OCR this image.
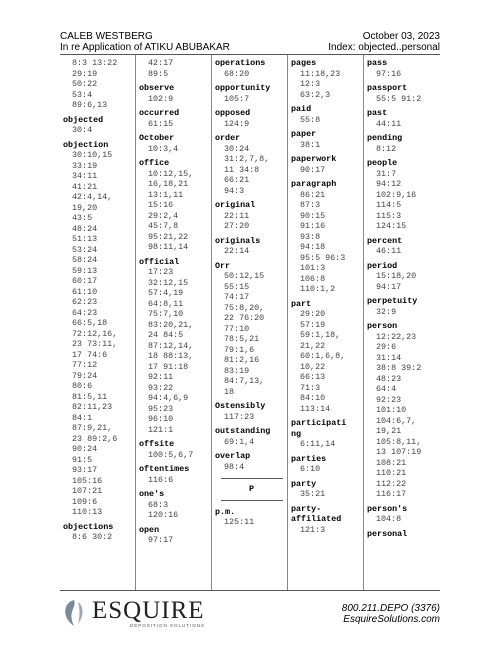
CALEB WESTBERG	October 03, 2023
In re Application of ATIKU ABUBAKAR	Index: objected..personal
8:3 13:22
29:19
50:22
53:4
89:6,13
objected
30:4
objection
30:10,15
33:19
34:11
41:21
42:4,14,
19,20
43:5
48:24
51:13
53:24
58:24
59:13
60:17
61:10
62:23
64:23
66:5,18
72:12,16,
23 73:11,
17 74:6
77:12
79:24
80:6
81:5,11
82:11,23
84:1
87:9,21,
23 89:2,6
90:24
91:5
93:17
105:16
107:21
109:6
110:13
objections
8:6 30:2
42:17
89:5
observe
102:9
occurred
61:15
October
10:3,4
office
10:12,15,
16,18,21
13:1,11
15:16
29:2,4
45:7,8
95:21,22
98:11,14
official
17:23
32:12,15
57:4,19
64:8,11
75:7,10
83:20,21,
24 84:5
87:12,14,
18 88:13,
17 91:18
92:11
93:22
94:4,6,9
95:23
96:10
121:1
offsite
100:5,6,7
oftentimes
116:6
one's
68:3
120:16
open
97:17
operations
68:20
opportunity
105:7
opposed
124:9
order
30:24
31:2,7,8,
11 34:8
66:21
94:3
original
22:11
27:20
originals
22:14
Orr
50:12,15
55:15
74:17
75:8,20,
22 76:20
77:10
78:5,21
79:1,6
81:2,16
83:19
84:7,13,
18
Ostensibly
117:23
outstanding
69:1,4
overlap
98:4
P
p.m.
125:11
pages
11:18,23
12:3
63:2,3
paid
55:8
paper
38:1
paperwork
90:17
paragraph
86:21
87:3
90:15
91:16
93:8
94:18
95:5 96:3
101:3
106:8
110:1,2
part
29:20
57:19
59:1,18,
21,22
60:1,6,8,
10,22
66:13
71:3
84:10
113:14
participati
ng
6:11,14
parties
6:10
party
35:21
party-
affiliated
121:3
pass
97:16
passport
55:5 91:2
past
44:11
pending
8:12
people
31:7
94:12
102:9,16
114:5
115:3
124:15
percent
46:11
period
15:18,20
94:17
perpetuity
32:9
person
12:22,23
29:6
31:14
38:8 39:2
48:23
64:4
92:23
101:10
104:6,7,
19,21
105:8,11,
13 107:19
108:21
110:21
112:22
116:17
person's
104:8
personal
ESQUIRE
DEPOSITION SOLUTIONS
800.211.DEPO (3376)
EsquireSolutions.com
